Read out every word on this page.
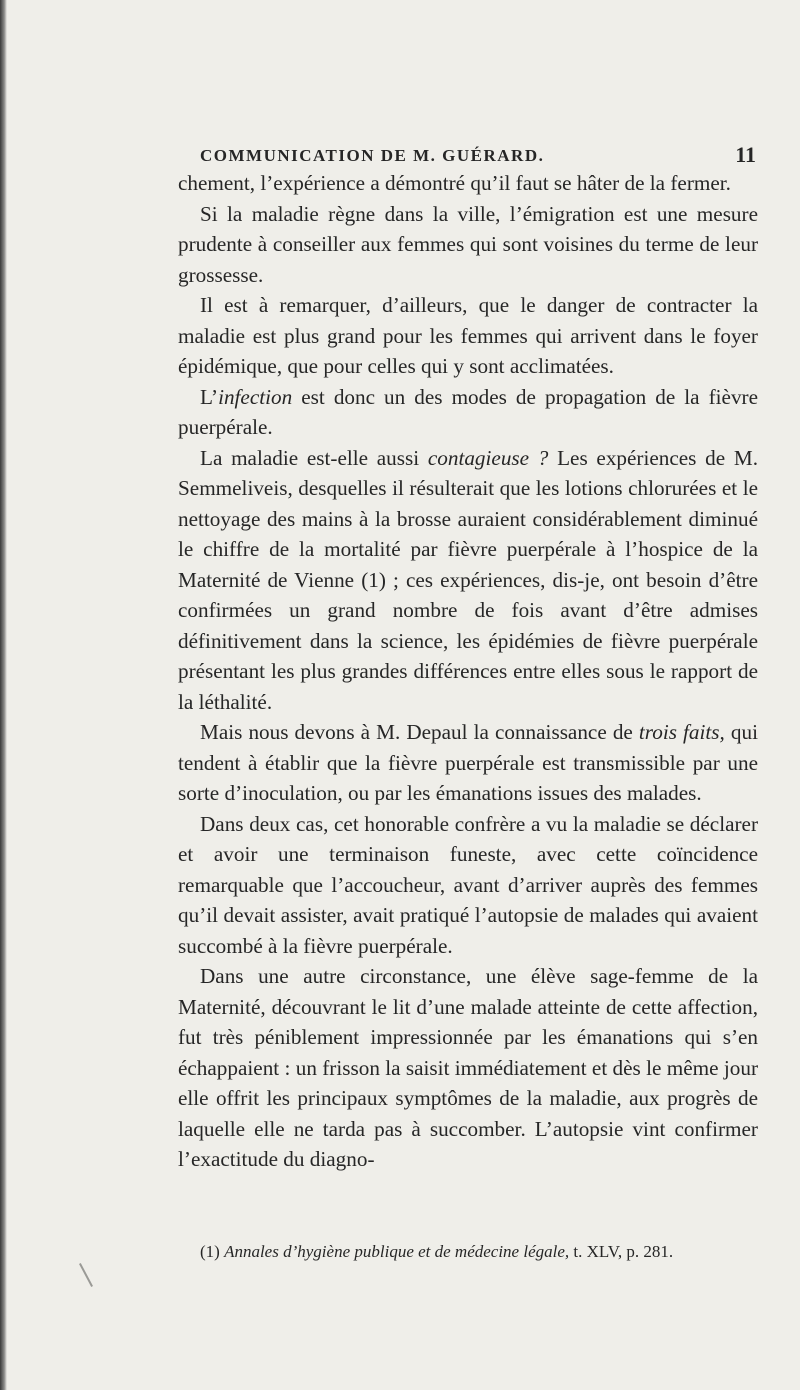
COMMUNICATION DE M. GUÉRARD.	11

chement, l’expérience a démontré qu’il faut se hâter de la fermer.

Si la maladie règne dans la ville, l’émigration est une mesure prudente à conseiller aux femmes qui sont voisines du terme de leur grossesse.

Il est à remarquer, d’ailleurs, que le danger de contracter la maladie est plus grand pour les femmes qui arrivent dans le foyer épidémique, que pour celles qui y sont acclimatées.

L’infection est donc un des modes de propagation de la fièvre puerpérale.

La maladie est-elle aussi contagieuse ? Les expériences de M. Semmeliveis, desquelles il résulterait que les lotions chlorurées et le nettoyage des mains à la brosse auraient considérablement diminué le chiffre de la mortalité par fièvre puerpérale à l’hospice de la Maternité de Vienne (1) ; ces expériences, dis-je, ont besoin d’être confirmées un grand nombre de fois avant d’être admises définitivement dans la science, les épidémies de fièvre puerpérale présentant les plus grandes différences entre elles sous le rapport de la léthalité.

Mais nous devons à M. Depaul la connaissance de trois faits, qui tendent à établir que la fièvre puerpérale est transmissible par une sorte d’inoculation, ou par les émanations issues des malades.

Dans deux cas, cet honorable confrère a vu la maladie se déclarer et avoir une terminaison funeste, avec cette coïncidence remarquable que l’accoucheur, avant d’arriver auprès des femmes qu’il devait assister, avait pratiqué l’autopsie de malades qui avaient succombé à la fièvre puerpérale.

Dans une autre circonstance, une élève sage-femme de la Maternité, découvrant le lit d’une malade atteinte de cette affection, fut très péniblement impressionnée par les émanations qui s’en échappaient : un frisson la saisit immédiatement et dès le même jour elle offrit les principaux symptômes de la maladie, aux progrès de laquelle elle ne tarda pas à succomber. L’autopsie vint confirmer l’exactitude du diagno-

(1) Annales d’hygiène publique et de médecine légale, t. XLV, p. 281.
